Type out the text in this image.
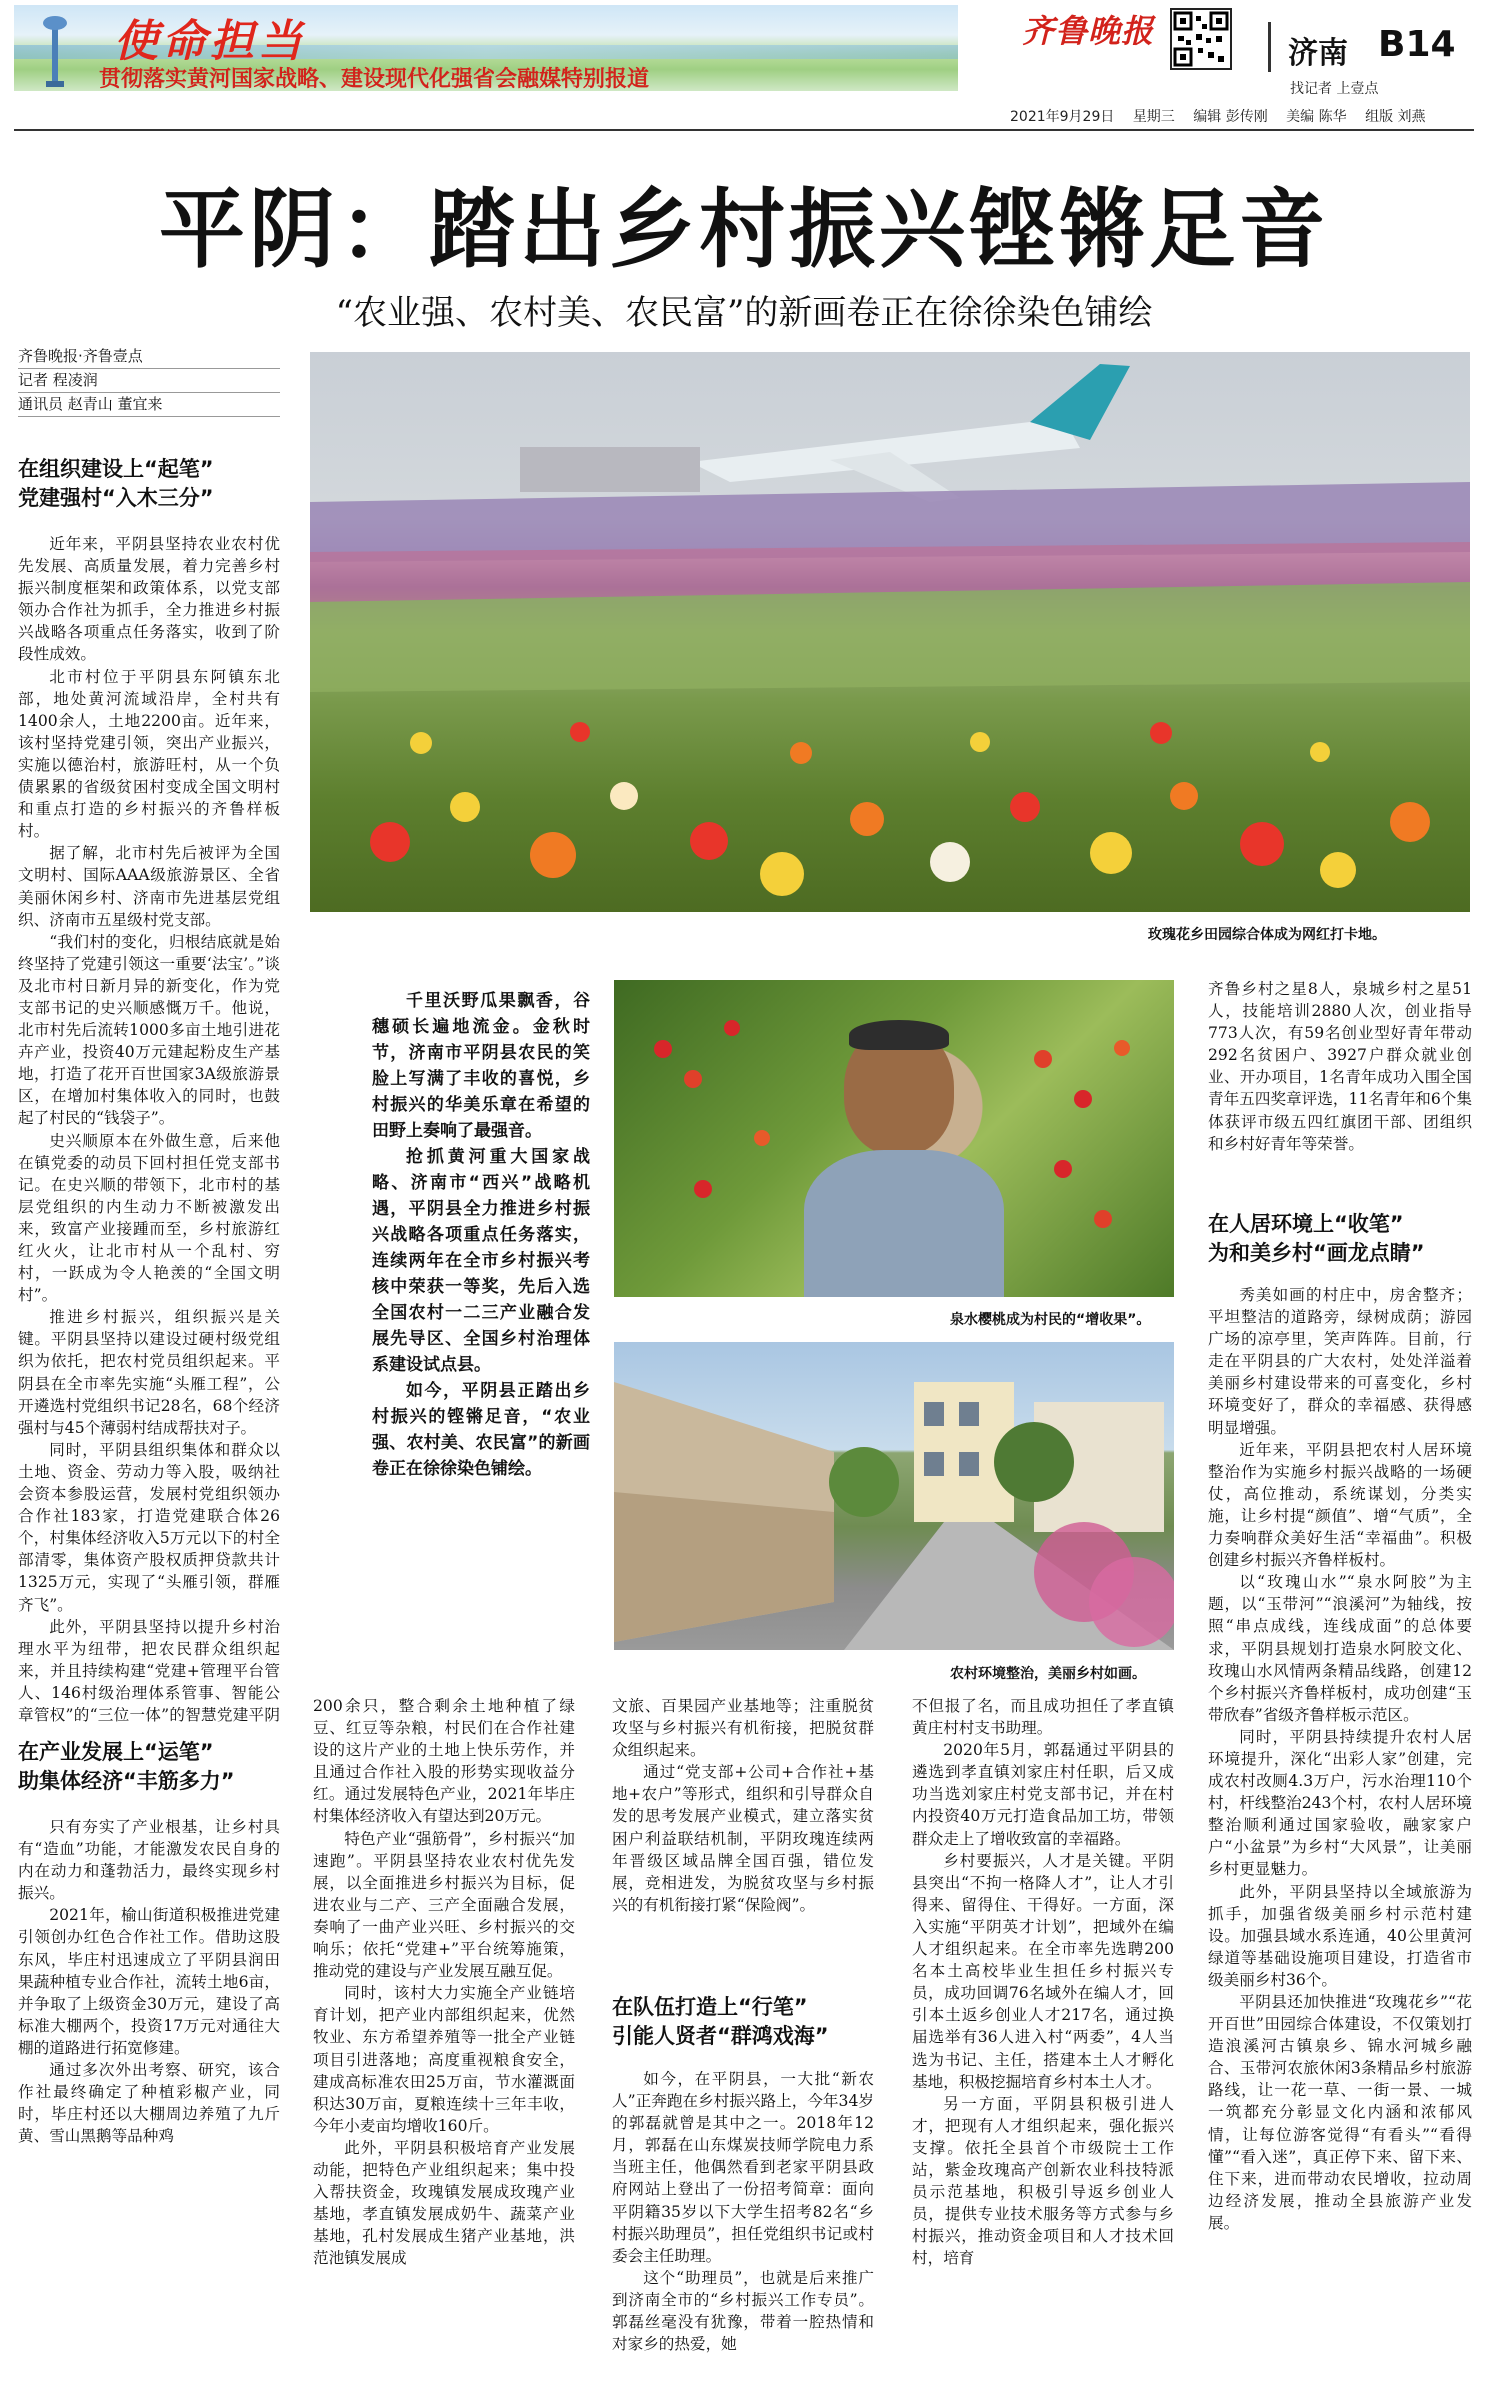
使命担当
贯彻落实黄河国家战略、建设现代化强省会融媒特别报道
齐鲁晚报
济南 B14
找记者 上壹点
2021年9月29日 星期三 编辑 彭传刚 美编 陈华 组版 刘燕
平阴：踏出乡村振兴铿锵足音
“农业强、农村美、农民富”的新画卷正在徐徐染色铺绘
齐鲁晚报·齐鲁壹点
记者 程凌润
通讯员 赵青山 董宜来
玫瑰花乡田园综合体成为网红打卡地。
在组织建设上“起笔”
党建强村“入木三分”

近年来，平阴县坚持农业农村优先发展、高质量发展，着力完善乡村振兴制度框架和政策体系，以党支部领办合作社为抓手，全力推进乡村振兴战略各项重点任务落实，收到了阶段性成效。

北市村位于平阴县东阿镇东北部，地处黄河流域沿岸，全村共有1400余人，土地2200亩。近年来，该村坚持党建引领，突出产业振兴，实施以德治村，旅游旺村，从一个负债累累的省级贫困村变成全国文明村和重点打造的乡村振兴的齐鲁样板村。

据了解，北市村先后被评为全国文明村、国际AAA级旅游景区、全省美丽休闲乡村、济南市先进基层党组织、济南市五星级村党支部。

“我们村的变化，归根结底就是始终坚持了党建引领这一重要‘法宝’。”谈及北市村日新月异的新变化，作为党支部书记的史兴顺感慨万千。他说，北市村先后流转1000多亩土地引进花卉产业，投资40万元建起粉皮生产基地，打造了花开百世国家3A级旅游景区，在增加村集体收入的同时，也鼓起了村民的“钱袋子”。

史兴顺原本在外做生意，后来他在镇党委的动员下回村担任党支部书记。在史兴顺的带领下，北市村的基层党组织的内生动力不断被激发出来，致富产业接踵而至，乡村旅游红红火火，让北市村从一个乱村、穷村，一跃成为令人艳羡的“全国文明村”。

推进乡村振兴，组织振兴是关键。平阴县坚持以建设过硬村级党组织为依托，把农村党员组织起来。平阴县在全市率先实施“头雁工程”，公开遴选村党组织书记28名，68个经济强村与45个薄弱村结成帮扶对子。

同时，平阴县组织集体和群众以土地、资金、劳动力等入股，吸纳社会资本参股运营，发展村党组织领办合作社183家，打造党建联合体26个，村集体经济收入5万元以下的村全部清零，集体资产股权质押贷款共计1325万元，实现了“头雁引领，群雁齐飞”。

此外，平阴县坚持以提升乡村治理水平为纽带，把农民群众组织起来，并且持续构建“党建+管理平台管人、146村级治理体系管事、智能公章管权”的“三位一体”的智慧党建平阴

在产业发展上“运笔”
助集体经济“丰筋多力”

只有夯实了产业根基，让乡村具有“造血”功能，才能激发农民自身的内在动力和蓬勃活力，最终实现乡村振兴。

2021年，榆山街道积极推进党建引领创办红色合作社工作。借助这股东风，毕庄村迅速成立了平阴县润田果蔬种植专业合作社，流转土地6亩，并争取了上级资金30万元，建设了高标准大棚两个，投资17万元对通往大棚的道路进行拓宽修建。

通过多次外出考察、研究，该合作社最终确定了种植彩椒产业，同时，毕庄村还以大棚周边养殖了九斤黄、雪山黑鹅等品种鸡

千里沃野瓜果飘香，谷穗硕长遍地流金。金秋时节，济南市平阴县农民的笑脸上写满了丰收的喜悦，乡村振兴的华美乐章在希望的田野上奏响了最强音。

抢抓黄河重大国家战略、济南市“西兴”战略机遇，平阴县全力推进乡村振兴战略各项重点任务落实，连续两年在全市乡村振兴考核中荣获一等奖，先后入选全国农村一二三产业融合发展先导区、全国乡村治理体系建设试点县。

如今，平阴县正踏出乡村振兴的铿锵足音，“农业强、农村美、农民富”的新画卷正在徐徐染色铺绘。

泉水樱桃成为村民的“增收果”。
农村环境整治，美丽乡村如画。

200余只，整合剩余土地种植了绿豆、红豆等杂粮，村民们在合作社建设的这片产业的土地上快乐劳作，并且通过合作社入股的形势实现收益分红。通过发展特色产业，2021年毕庄村集体经济收入有望达到20万元。

特色产业“强筋骨”，乡村振兴“加速跑”。平阴县坚持农业农村优先发展，以全面推进乡村振兴为目标，促进农业与二产、三产全面融合发展，奏响了一曲产业兴旺、乡村振兴的交响乐；依托“党建+”平台统筹施策，推动党的建设与产业发展互融互促。

同时，该村大力实施全产业链培育计划，把产业内部组织起来，优然牧业、东方希望养殖等一批全产业链项目引进落地；高度重视粮食安全，建成高标准农田25万亩，节水灌溉面积达30万亩，夏粮连续十三年丰收，今年小麦亩均增收160斤。

此外，平阴县积极培育产业发展动能，把特色产业组织起来；集中投入帮扶资金，玫瑰镇发展成玫瑰产业基地，孝直镇发展成奶牛、蔬菜产业基地，孔村发展成生猪产业基地，洪范池镇发展成

文旅、百果园产业基地等；注重脱贫攻坚与乡村振兴有机衔接，把脱贫群众组织起来。

通过“党支部+公司+合作社+基地+农户”等形式，组织和引导群众自发的思考发展产业模式，建立落实贫困户利益联结机制，平阴玫瑰连续两年晋级区域品牌全国百强，错位发展，竞相进发，为脱贫攻坚与乡村振兴的有机衔接打紧“保险阀”。

在队伍打造上“行笔”
引能人贤者“群鸿戏海”

如今，在平阴县，一大批“新农人”正奔跑在乡村振兴路上，今年34岁的郭磊就曾是其中之一。2018年12月，郭磊在山东煤炭技师学院电力系当班主任，他偶然看到老家平阴县政府网站上登出了一份招考简章：面向平阴籍35岁以下大学生招考82名“乡村振兴助理员”，担任党组织书记或村委会主任助理。

这个“助理员”，也就是后来推广到济南全市的“乡村振兴工作专员”。郭磊丝毫没有犹豫，带着一腔热情和对家乡的热爱，她

不但报了名，而且成功担任了孝直镇黄庄村村支书助理。

2020年5月，郭磊通过平阴县的遴选到孝直镇刘家庄村任职，后又成功当选刘家庄村党支部书记，并在村内投资40万元打造食品加工坊，带领群众走上了增收致富的幸福路。

乡村要振兴，人才是关键。平阴县突出“不拘一格降人才”，让人才引得来、留得住、干得好。一方面，深入实施“平阴英才计划”，把域外在编人才组织起来。在全市率先选聘200名本土高校毕业生担任乡村振兴专员，成功回调76名域外在编人才，回引本土返乡创业人才217名，通过换届选举有36人进入村“两委”，4人当选为书记、主任，搭建本土人才孵化基地，积极挖掘培育乡村本土人才。

另一方面，平阴县积极引进人才，把现有人才组织起来，强化振兴支撑。依托全县首个市级院士工作站，紫金玫瑰高产创新农业科技特派员示范基地，积极引导返乡创业人员，提供专业技术服务等方式参与乡村振兴，推动资金项目和人才技术回村，培育

齐鲁乡村之星8人，泉城乡村之星51人，技能培训2880人次，创业指导773人次，有59名创业型好青年带动292名贫困户、3927户群众就业创业、开办项目，1名青年成功入围全国青年五四奖章评选，11名青年和6个集体获评市级五四红旗团干部、团组织和乡村好青年等荣誉。

在人居环境上“收笔”
为和美乡村“画龙点睛”

秀美如画的村庄中，房舍整齐；平坦整洁的道路旁，绿树成荫；游园广场的凉亭里，笑声阵阵。目前，行走在平阴县的广大农村，处处洋溢着美丽乡村建设带来的可喜变化，乡村环境变好了，群众的幸福感、获得感明显增强。

近年来，平阴县把农村人居环境整治作为实施乡村振兴战略的一场硬仗，高位推动，系统谋划，分类实施，让乡村提“颜值”、增“气质”，全力奏响群众美好生活“幸福曲”。积极创建乡村振兴齐鲁样板村。

以“玫瑰山水”“泉水阿胶”为主题，以“玉带河”“浪溪河”为轴线，按照“串点成线，连线成面”的总体要求，平阴县规划打造泉水阿胶文化、玫瑰山水风情两条精品线路，创建12个乡村振兴齐鲁样板村，成功创建“玉带欣春”省级齐鲁样板示范区。

同时，平阴县持续提升农村人居环境提升，深化“出彩人家”创建，完成农村改厕4.3万户，污水治理110个村，杆线整治243个村，农村人居环境整治顺利通过国家验收，融家家户户“小盆景”为乡村“大风景”，让美丽乡村更显魅力。

此外，平阴县坚持以全域旅游为抓手，加强省级美丽乡村示范村建设。加强县域水系连通，40公里黄河绿道等基础设施项目建设，打造省市级美丽乡村36个。

平阴县还加快推进“玫瑰花乡”“花开百世”田园综合体建设，不仅策划打造浪溪河古镇泉乡、锦水河城乡融合、玉带河农旅休闲3条精品乡村旅游路线，让一花一草、一街一景、一城一筑都充分彰显文化内涵和浓郁风情，让每位游客觉得“有看头”“看得懂”“看入迷”，真正停下来、留下来、住下来，进而带动农民增收，拉动周边经济发展，推动全县旅游产业发展。
